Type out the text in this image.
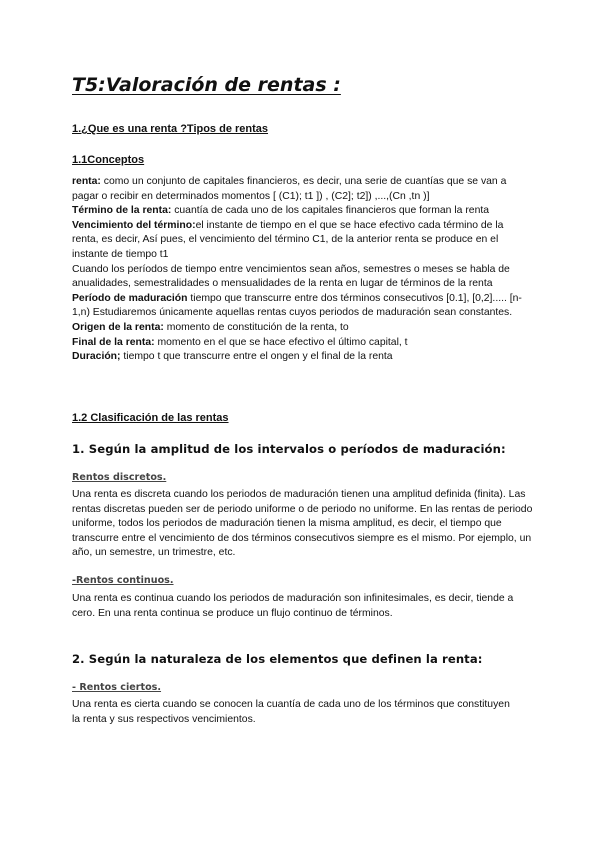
T5:Valoración de rentas :
1.¿Que es una renta ?Tipos de rentas
1.1Conceptos

renta: como un conjunto de capitales financieros, es decir, una serie de cuantías que se van a pagar o recibir en determinados momentos [ (C1); t1 ]) , (C2]; t2]) ,...,(Cn ,tn )]

Término de la renta: cuantía de cada uno de los capitales financieros que forman la renta

Vencimiento del término:el instante de tiempo en el que se hace efectivo cada término de la renta, es decir, Así pues, el vencimiento del término C1, de la anterior renta se produce en el instante de tiempo t1

Cuando los períodos de tiempo entre vencimientos sean años, semestres o meses se habla de anualidades, semestralidades o mensualidades de la renta en lugar de términos de la renta

Período de maduración tiempo que transcurre entre dos términos consecutivos [0.1], [0,2]..... [n-1,n) Estudiaremos únicamente aquellas rentas cuyos periodos de maduración sean constantes.

Origen de la renta: momento de constitución de la renta, to

Final de la renta: momento en el que se hace efectivo el último capital, t

Duración; tiempo t que transcurre entre el ongen y el final de la renta

1.2 Clasificación de las rentas
1. Según la amplitud de los intervalos o períodos de maduración:
Rentos discretos.

Una renta es discreta cuando los periodos de maduración tienen una amplitud definida (finita). Las rentas discretas pueden ser de periodo uniforme o de periodo no uniforme. En las rentas de periodo uniforme, todos los periodos de maduración tienen la misma amplitud, es decir, el tiempo que transcurre entre el vencimiento de dos términos consecutivos siempre es el mismo. Por ejemplo, un año, un semestre, un trimestre, etc.

-Rentos continuos.

Una renta es continua cuando los periodos de maduración son infinitesimales, es decir, tiende a cero. En una renta continua se produce un flujo continuo de términos.

2. Según la naturaleza de los elementos que definen la renta:
- Rentos ciertos.

Una renta es cierta cuando se conocen la cuantía de cada uno de los términos que constituyen la renta y sus respectivos vencimientos.
